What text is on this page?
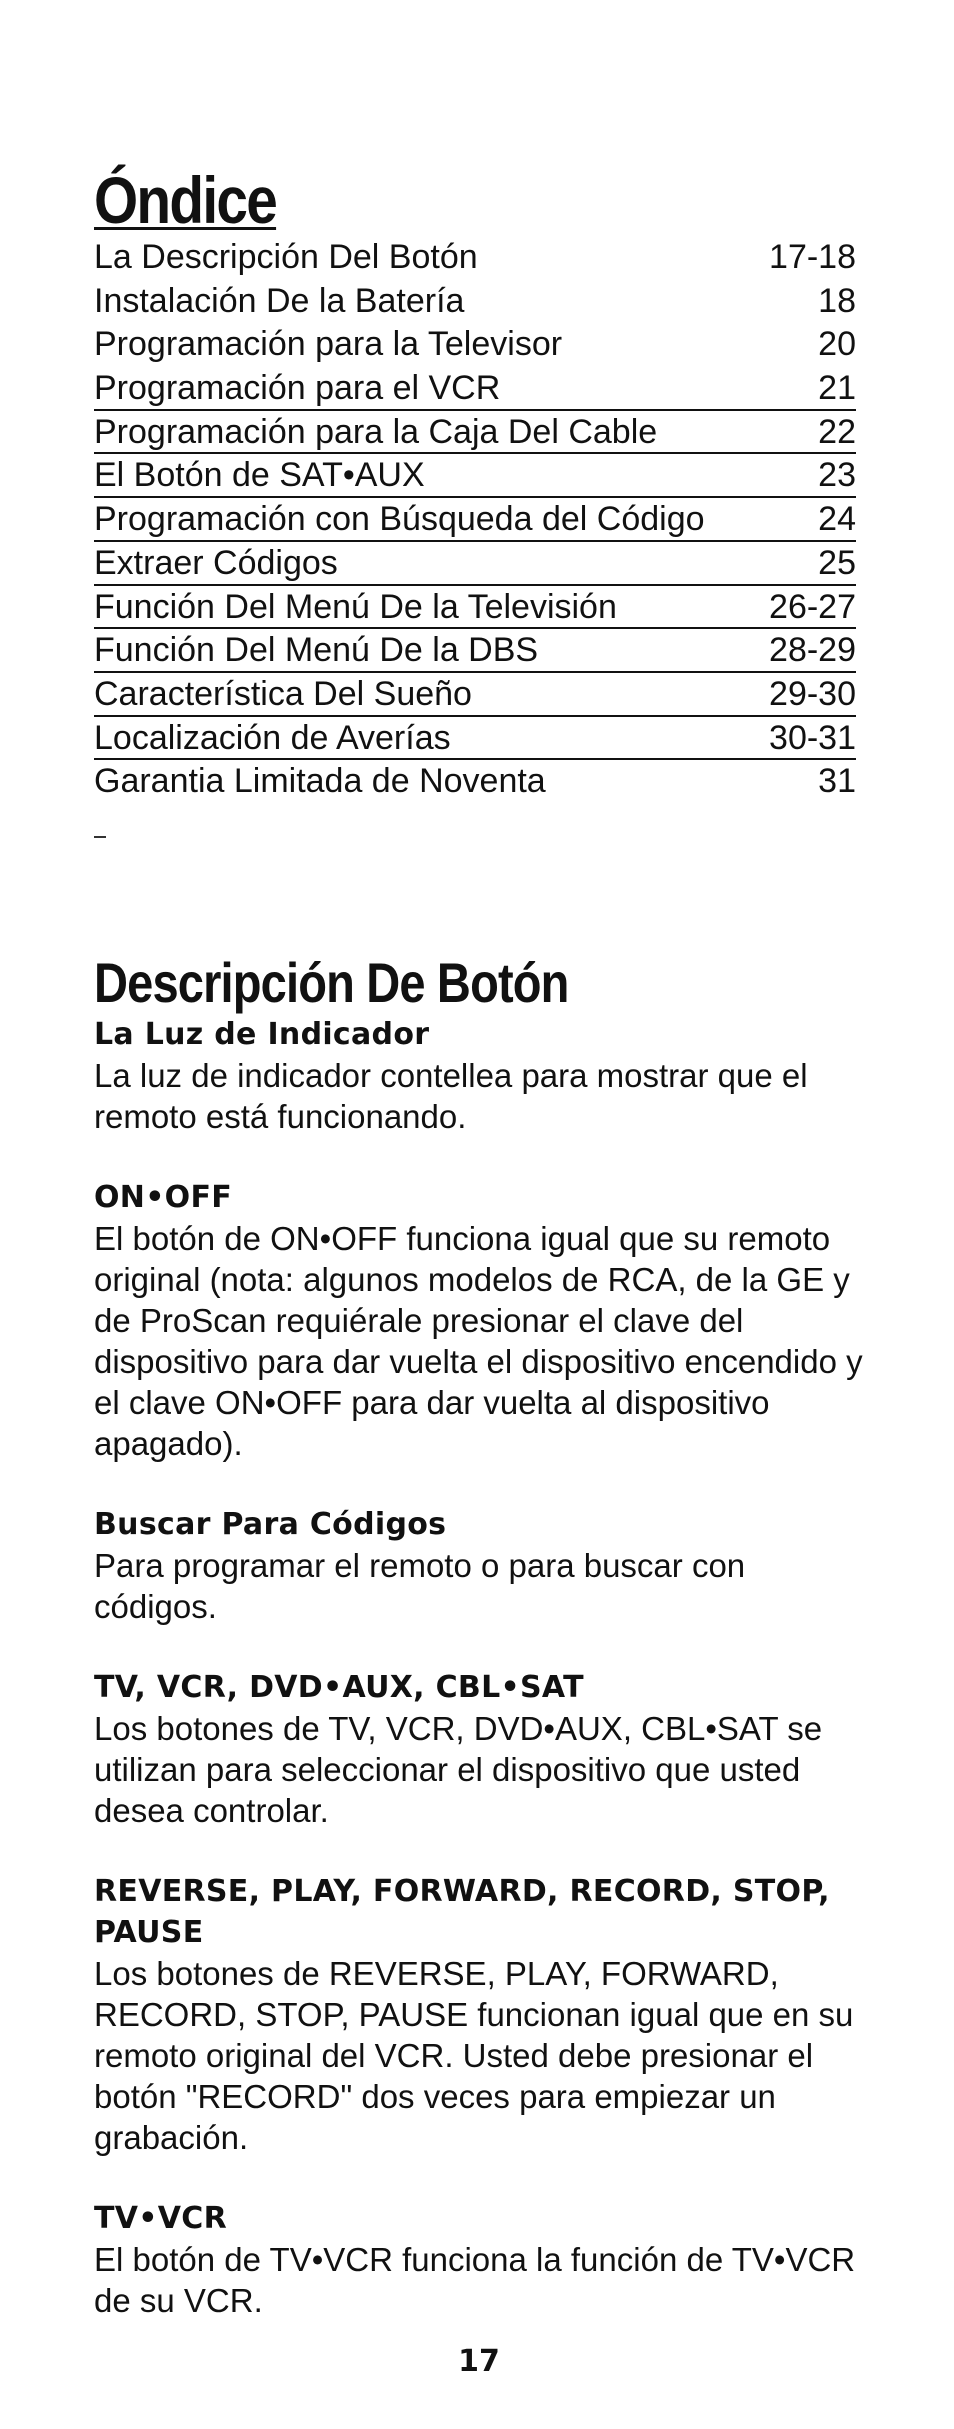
Óndice
La Descripción Del Botón	17-18
Instalación De la Batería	18
Programación para la Televisor	20
Programación para el VCR	21
Programación para la Caja Del Cable	22
El Botón de SAT•AUX	23
Programación con Búsqueda del Código	24
Extraer Códigos	25
Función Del Menú De la Televisión	26-27
Función Del Menú De la DBS	28-29
Característica Del Sueño	29-30
Localización de Averías	30-31
Garantia Limitada de Noventa	31
Descripción De Botón
La Luz de Indicador

La luz de indicador contellea para mostrar que el remoto está funcionando.

ON•OFF

El botón de ON•OFF funciona igual que su remoto original (nota: algunos modelos de RCA, de la GE y de ProScan requiérale presionar el clave del dispositivo para dar vuelta el dispositivo encendido y el clave ON•OFF para dar vuelta al dispositivo apagado).

Buscar Para Códigos

Para programar el remoto o para buscar con códigos.

TV, VCR, DVD•AUX, CBL•SAT

Los botones de TV, VCR, DVD•AUX, CBL•SAT se utilizan para seleccionar el dispositivo que usted desea controlar.

REVERSE, PLAY, FORWARD, RECORD, STOP, PAUSE

Los botones de REVERSE, PLAY, FORWARD, RECORD, STOP, PAUSE funcionan igual que en su remoto original del VCR. Usted debe presionar el botón "RECORD" dos veces para empiezar un grabación.

TV•VCR

El botón de TV•VCR funciona la función de TV•VCR de su VCR.

17
